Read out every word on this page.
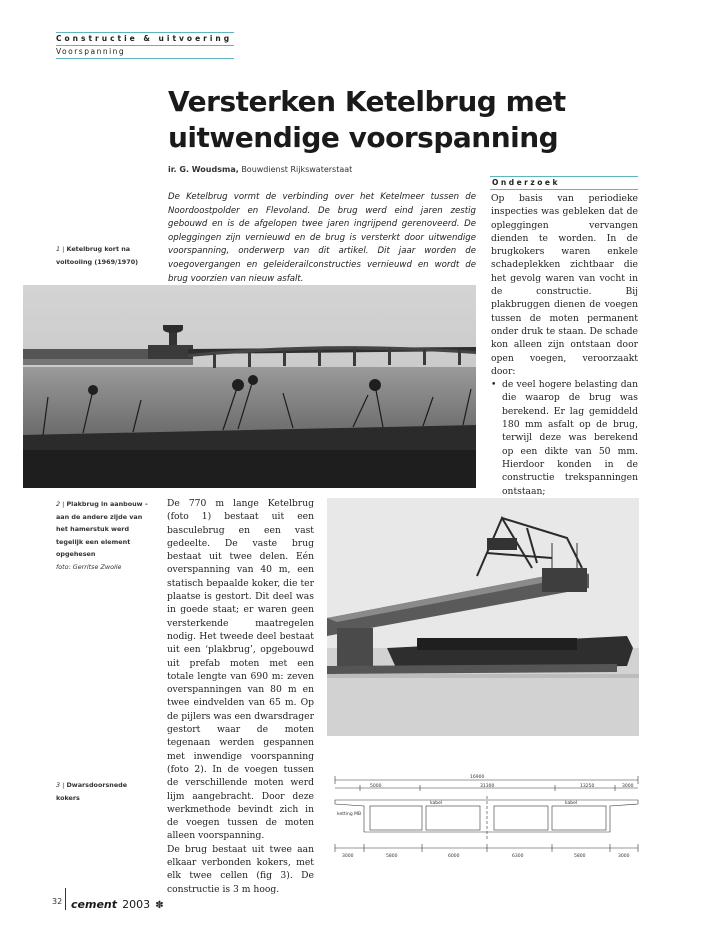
Constructie & uitvoering
Voorspanning
Versterken Ketelbrug met
uitwendige voorspanning
ir. G. Woudsma, Bouwdienst Rijkswaterstaat
De Ketelbrug vormt de verbinding over het Ketelmeer tussen de Noordoostpolder en Flevoland. De brug werd eind jaren zestig gebouwd en is de afgelopen twee jaren ingrijpend gerenoveerd. De opleggingen zijn vernieuwd en de brug is versterkt door uitwendige voorspanning, onderwerp van dit artikel. Dit jaar worden de voegovergangen en geleiderailconstructies vernieuwd en wordt de brug voorzien van nieuw asfalt.
1 | Ketelbrug kort na voltooiing (1969/1970)
Onderzoek
Op basis van periodieke inspecties was gebleken dat de opleggingen vervangen dienden te worden. In de brugkokers waren enkele schadeplekken zichtbaar die het gevolg waren van vocht in de constructie. Bij plakbruggen dienen de voegen tussen de moten permanent onder druk te staan. De schade kon alleen zijn ontstaan door open voegen, veroorzaakt door:
• de veel hogere belasting dan die waarop de brug was berekend. Er lag gemiddeld 180 mm asfalt op de brug, terwijl deze was berekend op een dikte van 50 mm. Hierdoor konden in de constructie trekspanningen ontstaan;
•
2 | Plakbrug in aanbouw – aan de andere zijde van het hamerstuk werd tegelijk een element opgehesen
foto: Gerritse Zwolle
De 770 m lange Ketelbrug (foto 1) bestaat uit een basculebrug en een vast gedeelte. De vaste brug bestaat uit twee delen. Eén overspanning van 40 m, een statisch bepaalde koker, die ter plaatse is gestort. Dit deel was in goede staat; er waren geen versterkende maatregelen nodig. Het tweede deel bestaat uit een ‘plakbrug’, opgebouwd uit prefab moten met een totale lengte van 690 m: zeven overspanningen van 80 m en twee eindvelden van 65 m. Op de pijlers was een dwarsdrager gestort waar de moten tegenaan werden gespannen met inwendige voorspanning (foto 2). In de voegen tussen de verschillende moten werd lijm aangebracht. Door deze werkmethode bevindt zich in de voegen tussen de moten alleen voorspanning.
De brug bestaat uit twee aan elkaar verbonden kokers, met elk twee cellen (fig 3). De constructie is 3 m hoog.
3 | Dwarsdoorsnede kokers
5000
16900
31300	13250	3000
3000	5800	6000	6300	5800	3000
ketting MB
kabel	kabel
32 cement 2003 ✽
